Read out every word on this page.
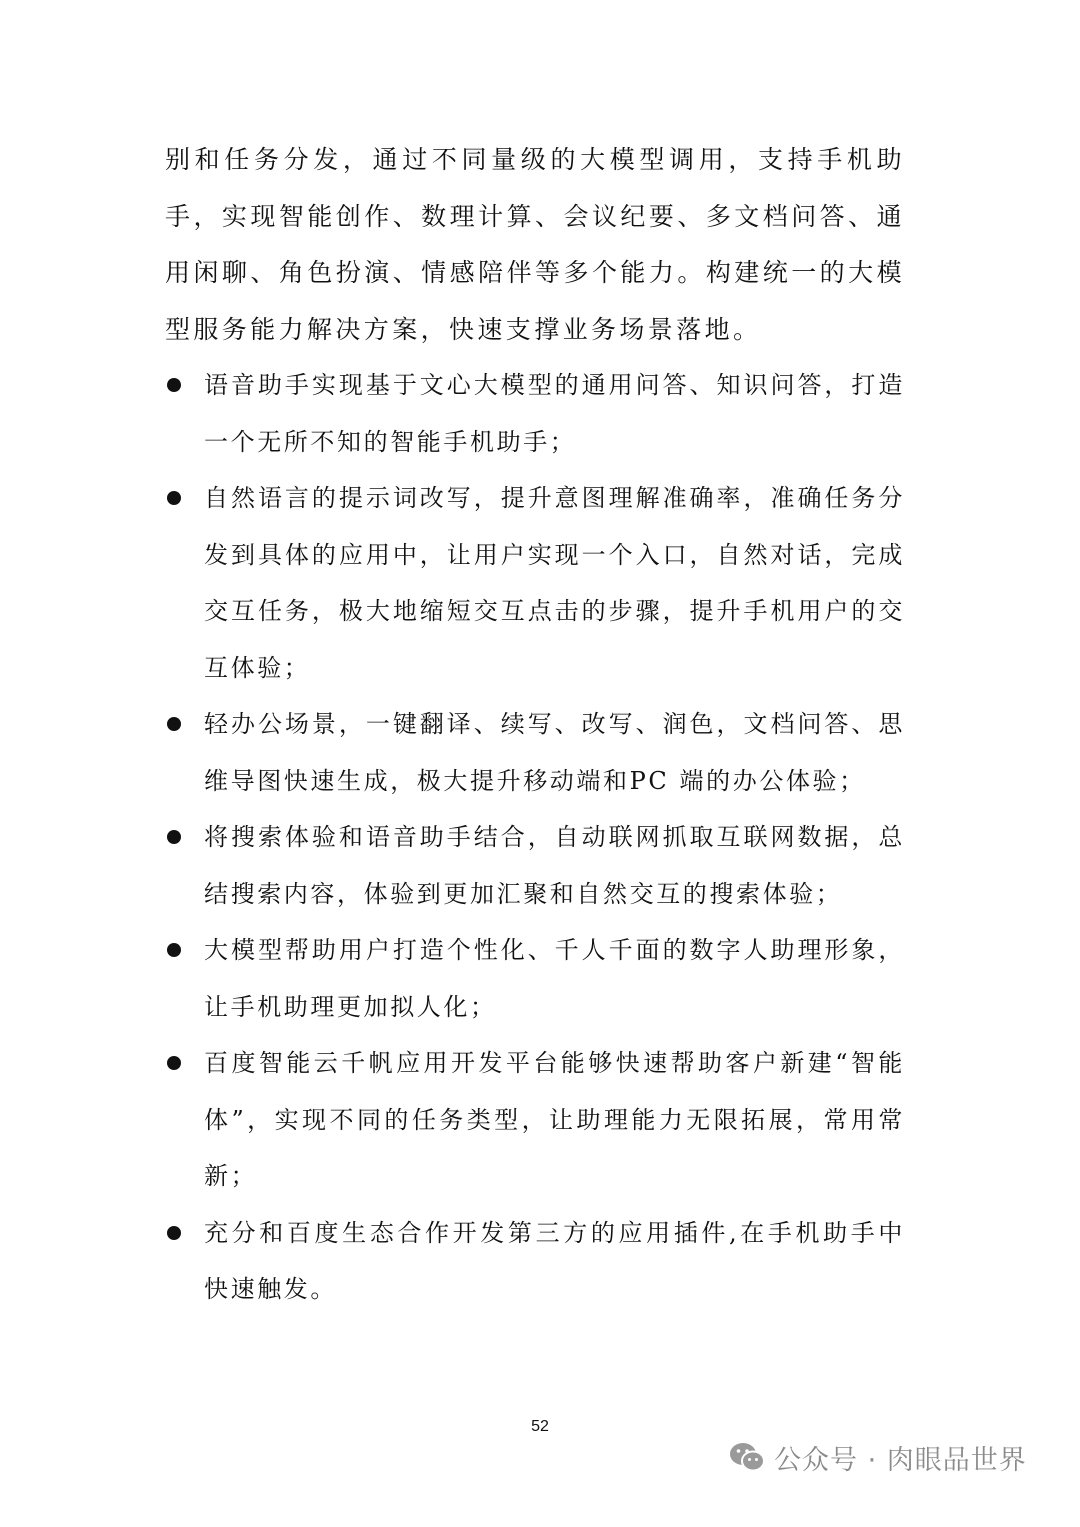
别和任务分发，通过不同量级的大模型调用，支持手机助手，实现智能创作、数理计算、会议纪要、多文档问答、通用闲聊、角色扮演、情感陪伴等多个能力。构建统一的大模型服务能力解决方案，快速支撑业务场景落地。

语音助手实现基于文心大模型的通用问答、知识问答，打造一个无所不知的智能手机助手；
自然语言的提示词改写，提升意图理解准确率，准确任务分发到具体的应用中，让用户实现一个入口，自然对话，完成交互任务，极大地缩短交互点击的步骤，提升手机用户的交互体验；
轻办公场景，一键翻译、续写、改写、润色，文档问答、思维导图快速生成，极大提升移动端和PC 端的办公体验；
将搜索体验和语音助手结合，自动联网抓取互联网数据，总结搜索内容，体验到更加汇聚和自然交互的搜索体验；
大模型帮助用户打造个性化、千人千面的数字人助理形象，让手机助理更加拟人化；
百度智能云千帆应用开发平台能够快速帮助客户新建“智能体”，实现不同的任务类型，让助理能力无限拓展，常用常新；
充分和百度生态合作开发第三方的应用插件,在手机助手中快速触发。
52
公众号 · 肉眼品世界
